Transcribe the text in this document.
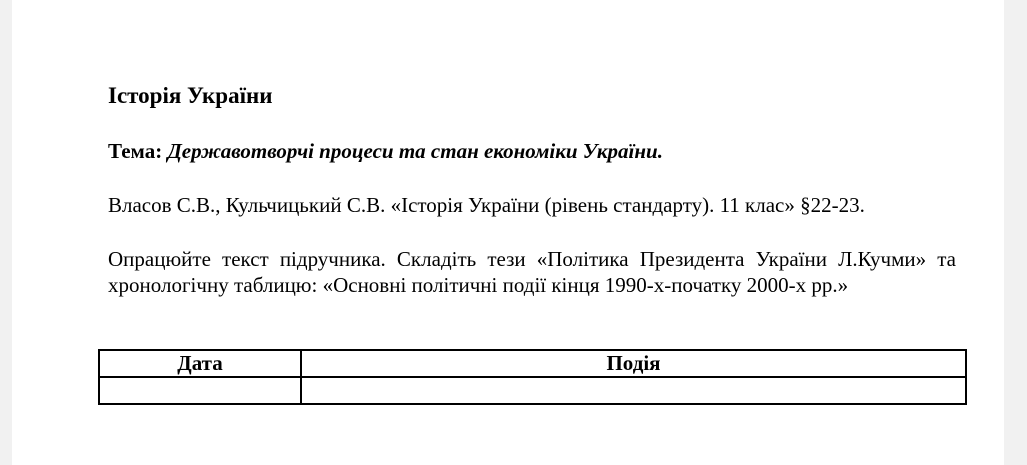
Історія України

Тема: Державотворчі процеси та стан економіки України.

Власов С.В., Кульчицький С.В. «Історія України (рівень стандарту). 11 клас» §22-23.

Опрацюйте текст підручника. Складіть тези «Політика Президента України Л.Кучми» та хронологічну таблицю: «Основні політичні події кінця 1990-х-початку 2000-х рр.»

Дата	Подія
